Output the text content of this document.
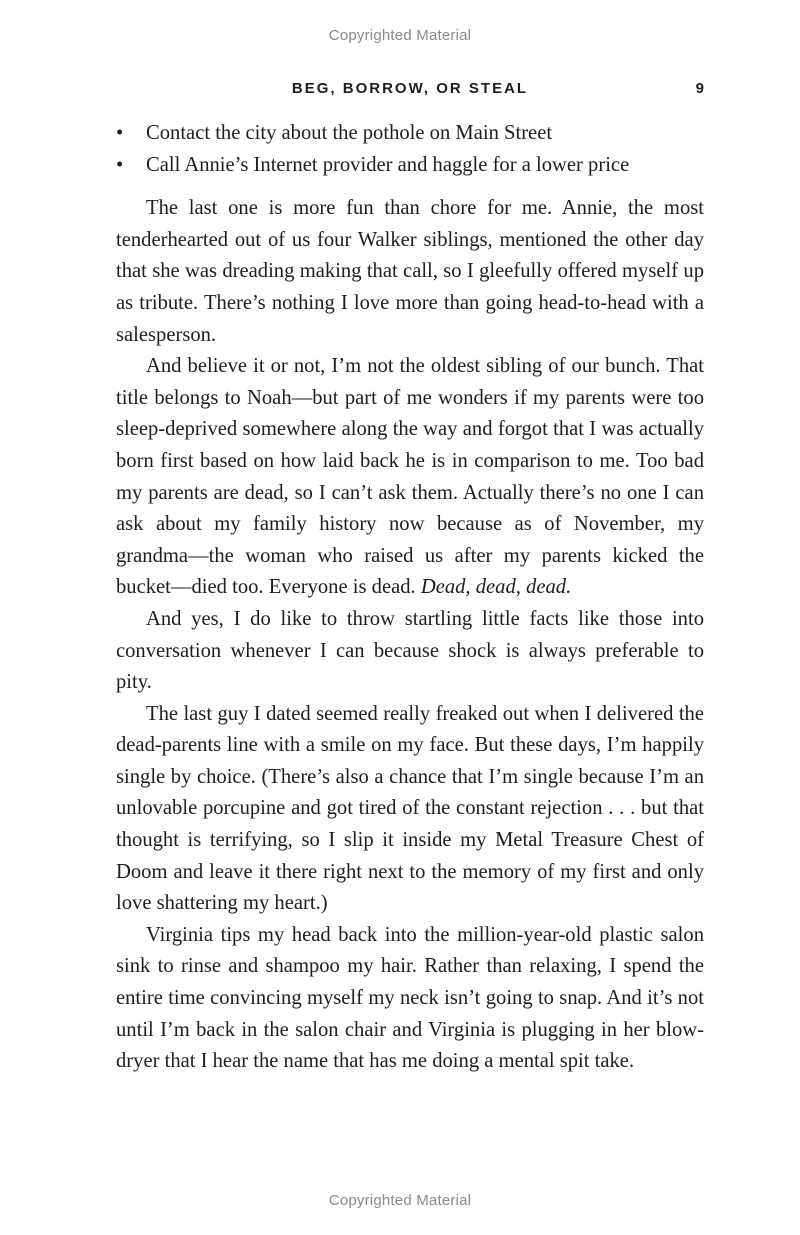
Copyrighted Material
BEG, BORROW, OR STEAL	9
• Contact the city about the pothole on Main Street
• Call Annie’s Internet provider and haggle for a lower price

The last one is more fun than chore for me. Annie, the most tenderhearted out of us four Walker siblings, mentioned the other day that she was dreading making that call, so I gleefully offered myself up as tribute. There’s nothing I love more than going head-to-head with a salesperson.

And believe it or not, I’m not the oldest sibling of our bunch. That title belongs to Noah—but part of me wonders if my parents were too sleep-deprived somewhere along the way and forgot that I was actually born first based on how laid back he is in comparison to me. Too bad my parents are dead, so I can’t ask them. Actually there’s no one I can ask about my family history now because as of November, my grandma—the woman who raised us after my parents kicked the bucket—died too. Everyone is dead. Dead, dead, dead.

And yes, I do like to throw startling little facts like those into conversation whenever I can because shock is always preferable to pity.

The last guy I dated seemed really freaked out when I delivered the dead-parents line with a smile on my face. But these days, I’m happily single by choice. (There’s also a chance that I’m single because I’m an unlovable porcupine and got tired of the constant rejection . . . but that thought is terrifying, so I slip it inside my Metal Treasure Chest of Doom and leave it there right next to the memory of my first and only love shattering my heart.)

Virginia tips my head back into the million-year-old plastic salon sink to rinse and shampoo my hair. Rather than relaxing, I spend the entire time convincing myself my neck isn’t going to snap. And it’s not until I’m back in the salon chair and Virginia is plugging in her blow-dryer that I hear the name that has me doing a mental spit take.

Copyrighted Material
